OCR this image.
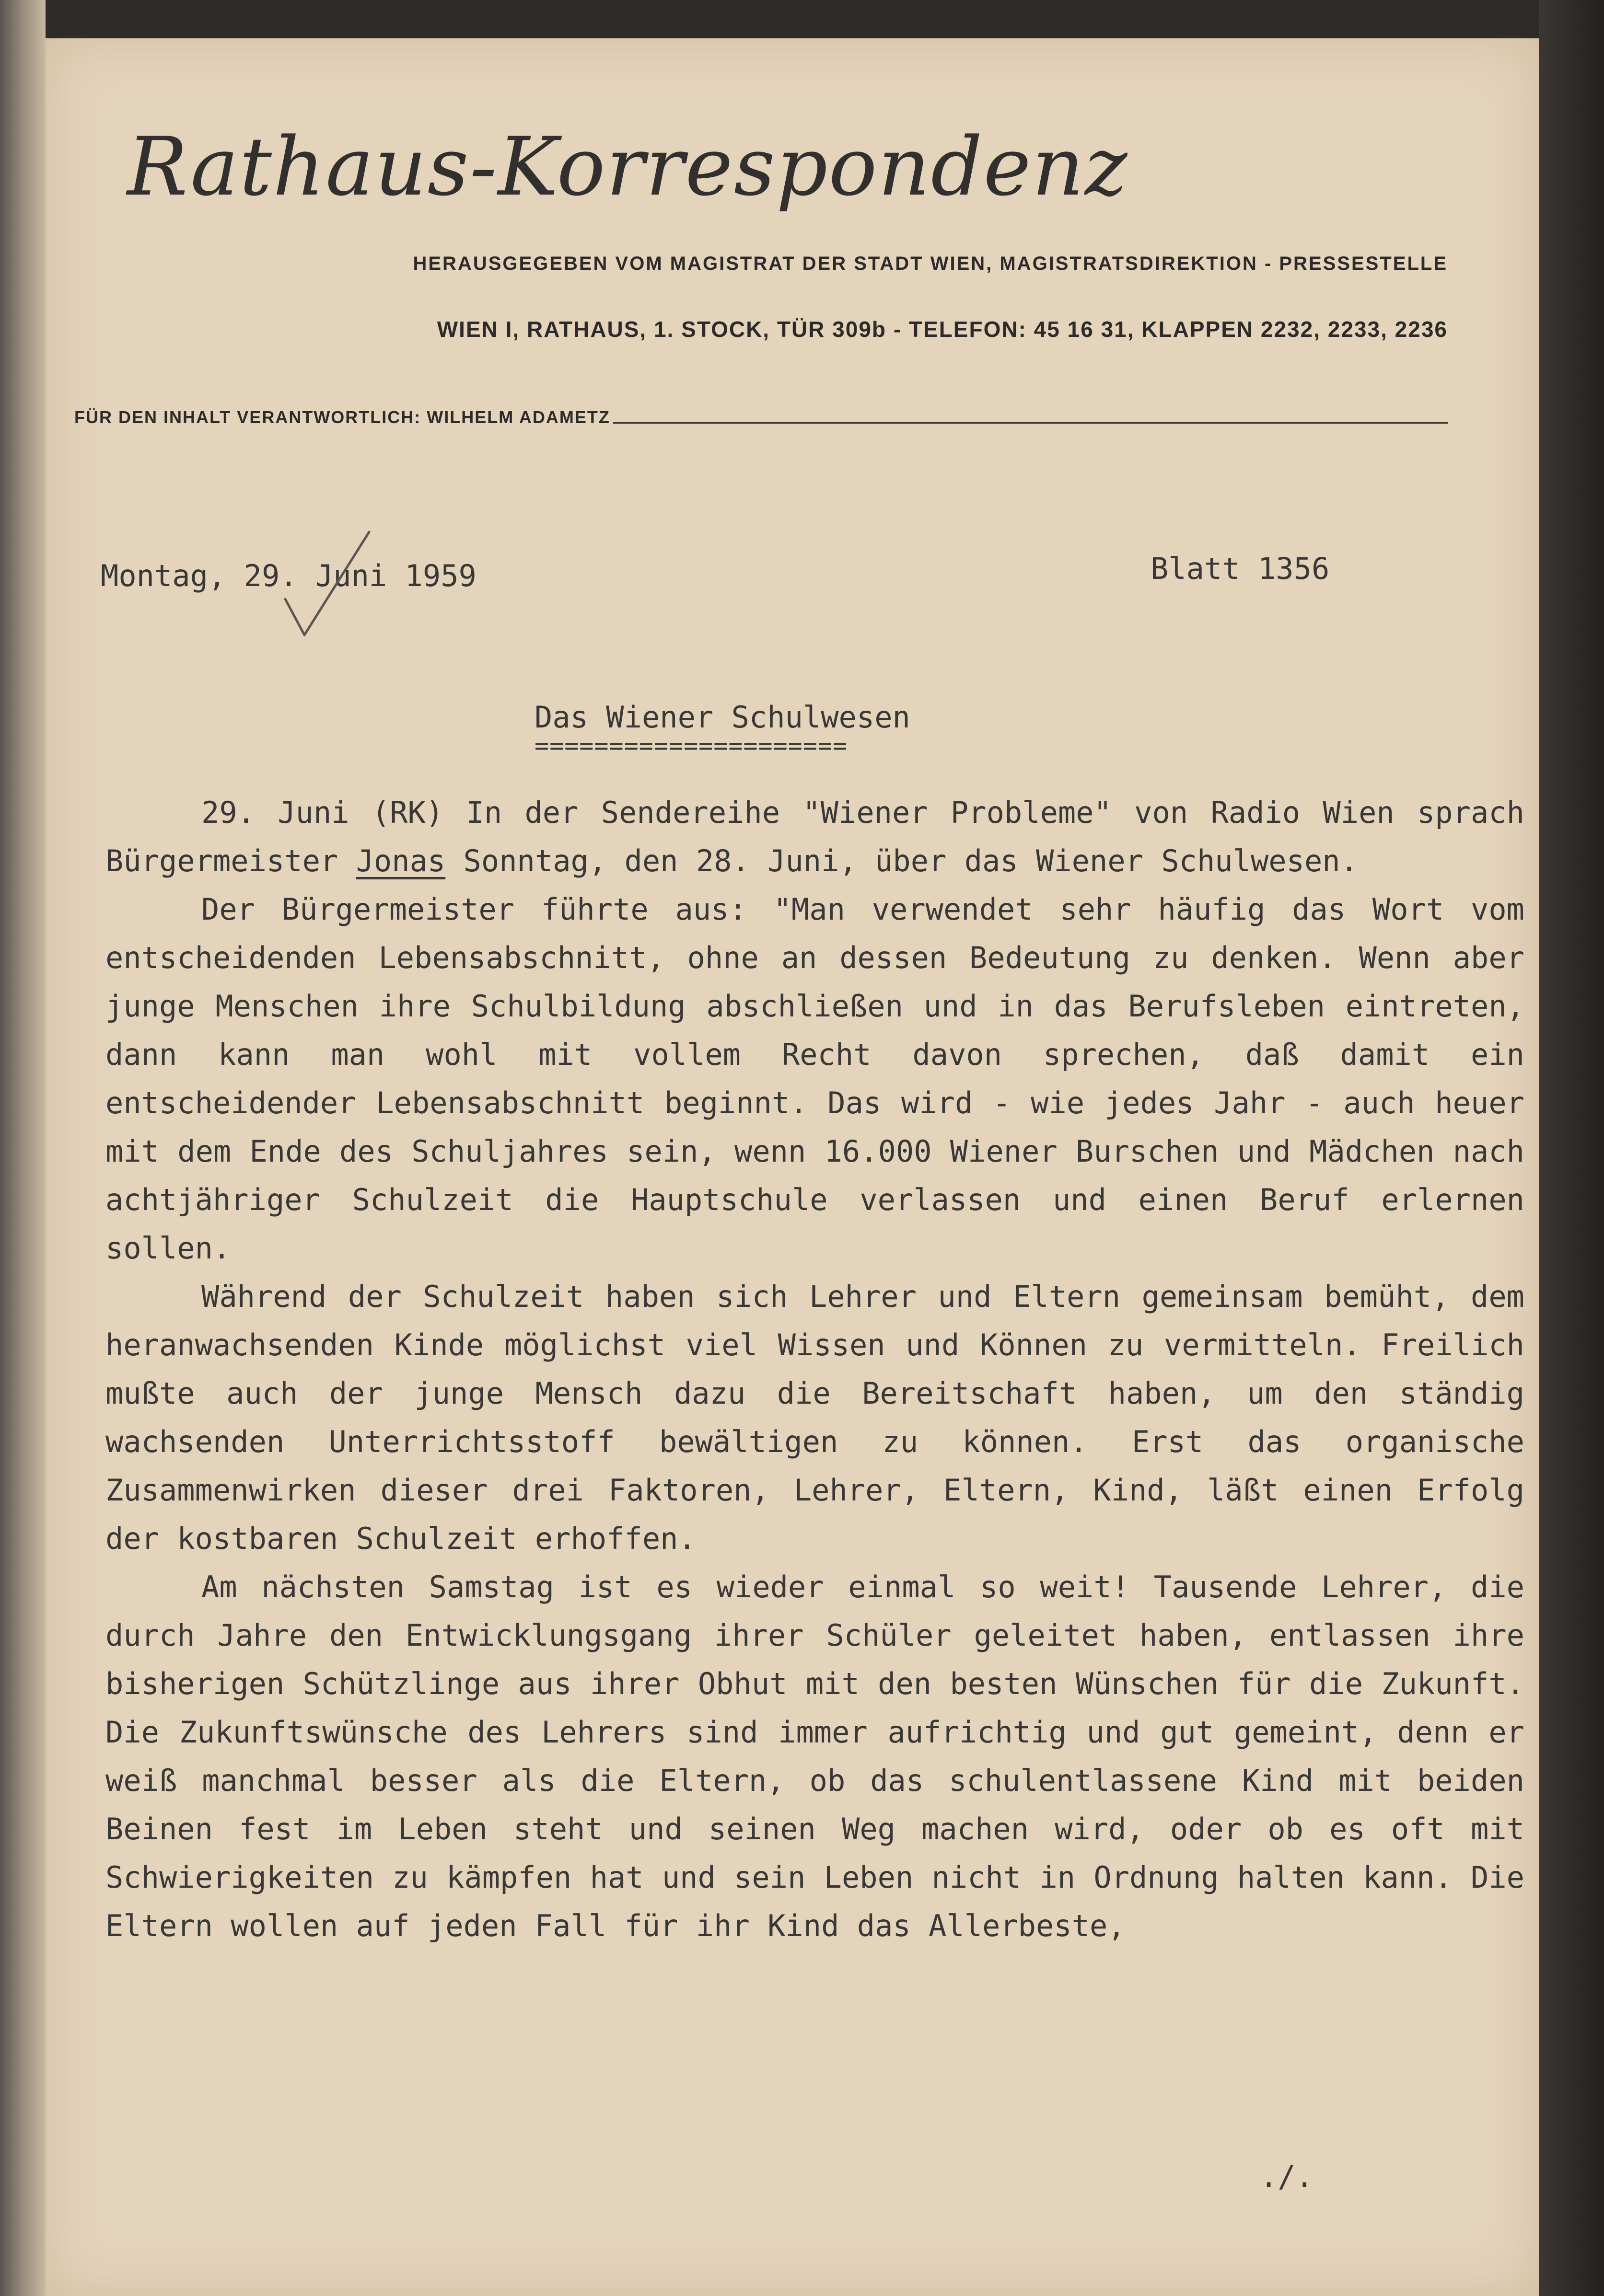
Rathaus-Korrespondenz
HERAUSGEGEBEN VOM MAGISTRAT DER STADT WIEN, MAGISTRATSDIREKTION - PRESSESTELLE
WIEN I, RATHAUS, 1. STOCK, TÜR 309b - TELEFON: 45 16 31, KLAPPEN 2232, 2233, 2236
FÜR DEN INHALT VERANTWORTLICH: WILHELM ADAMETZ
Montag, 29. Juni 1959	Blatt 1356
Das Wiener Schulwesen
=====================

29. Juni (RK) In der Sendereihe "Wiener Probleme" von Radio Wien sprach Bürgermeister Jonas Sonntag, den 28. Juni, über das Wiener Schulwesen.

Der Bürgermeister führte aus: "Man verwendet sehr häufig das Wort vom entscheidenden Lebensabschnitt, ohne an dessen Bedeutung zu denken. Wenn aber junge Menschen ihre Schulbildung abschließen und in das Berufsleben eintreten, dann kann man wohl mit vollem Recht davon sprechen, daß damit ein entscheidender Lebensabschnitt beginnt. Das wird - wie jedes Jahr - auch heuer mit dem Ende des Schuljahres sein, wenn 16.000 Wiener Burschen und Mädchen nach achtjähriger Schulzeit die Hauptschule verlassen und einen Beruf erlernen sollen.

Während der Schulzeit haben sich Lehrer und Eltern gemeinsam bemüht, dem heranwachsenden Kinde möglichst viel Wissen und Können zu vermitteln. Freilich mußte auch der junge Mensch dazu die Bereitschaft haben, um den ständig wachsenden Unterrichtsstoff bewältigen zu können. Erst das organische Zusammenwirken dieser drei Faktoren, Lehrer, Eltern, Kind, läßt einen Erfolg der kostbaren Schulzeit erhoffen.

Am nächsten Samstag ist es wieder einmal so weit! Tausende Lehrer, die durch Jahre den Entwicklungsgang ihrer Schüler geleitet haben, entlassen ihre bisherigen Schützlinge aus ihrer Obhut mit den besten Wünschen für die Zukunft. Die Zukunftswünsche des Lehrers sind immer aufrichtig und gut gemeint, denn er weiß manchmal besser als die Eltern, ob das schulentlassene Kind mit beiden Beinen fest im Leben steht und seinen Weg machen wird, oder ob es oft mit Schwierigkeiten zu kämpfen hat und sein Leben nicht in Ordnung halten kann. Die Eltern wollen auf jeden Fall für ihr Kind das Allerbeste,

./.
